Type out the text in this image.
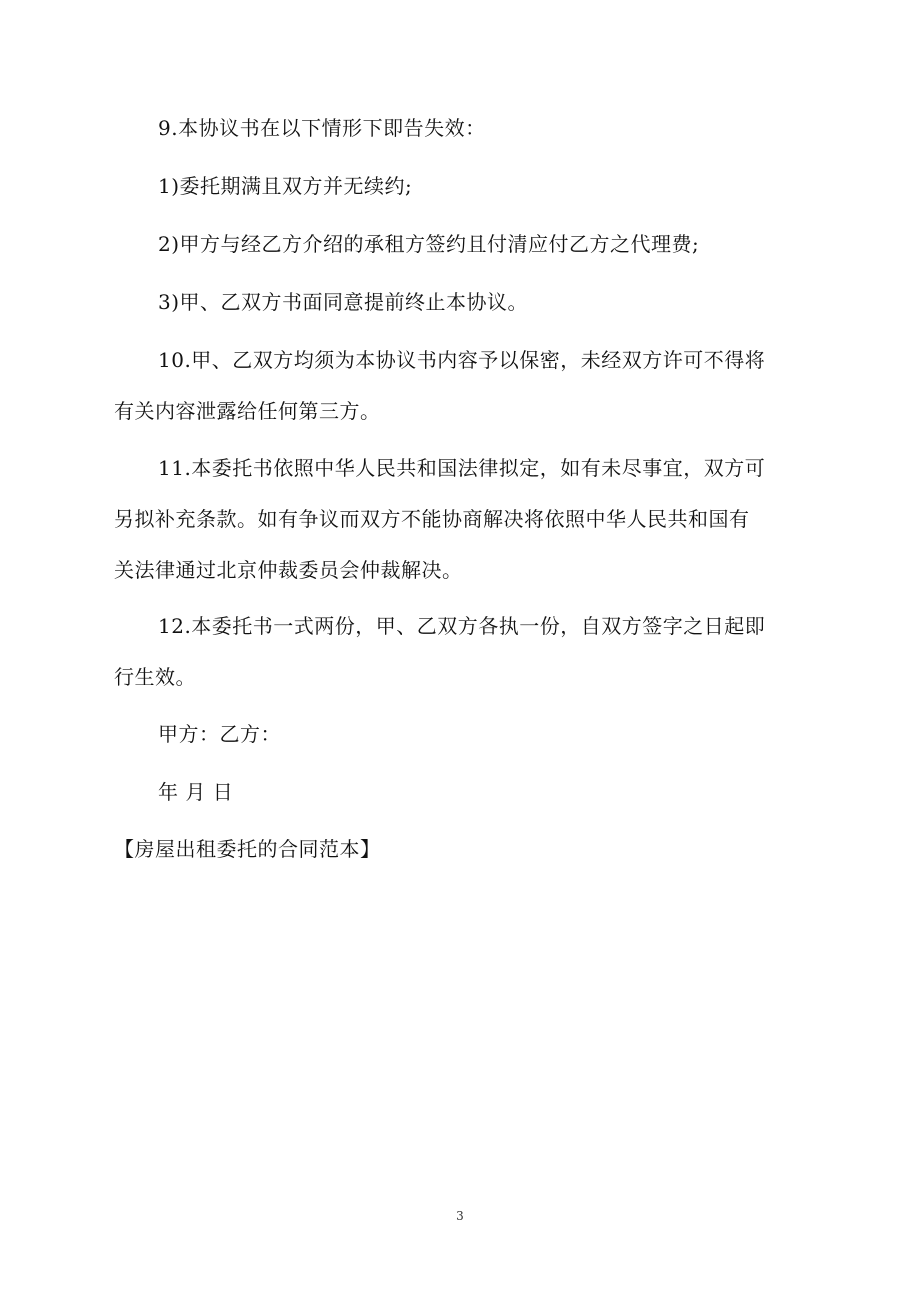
9.本协议书在以下情形下即告失效：
1)委托期满且双方并无续约;
2)甲方与经乙方介绍的承租方签约且付清应付乙方之代理费;
3)甲、乙双方书面同意提前终止本协议。
10.甲、乙双方均须为本协议书内容予以保密，未经双方许可不得将
有关内容泄露给任何第三方。
11.本委托书依照中华人民共和国法律拟定，如有未尽事宜，双方可
另拟补充条款。如有争议而双方不能协商解决将依照中华人民共和国有
关法律通过北京仲裁委员会仲裁解决。
12.本委托书一式两份，甲、乙双方各执一份，自双方签字之日起即
行生效。
甲方：乙方：
年 月 日
【房屋出租委托的合同范本】
3
